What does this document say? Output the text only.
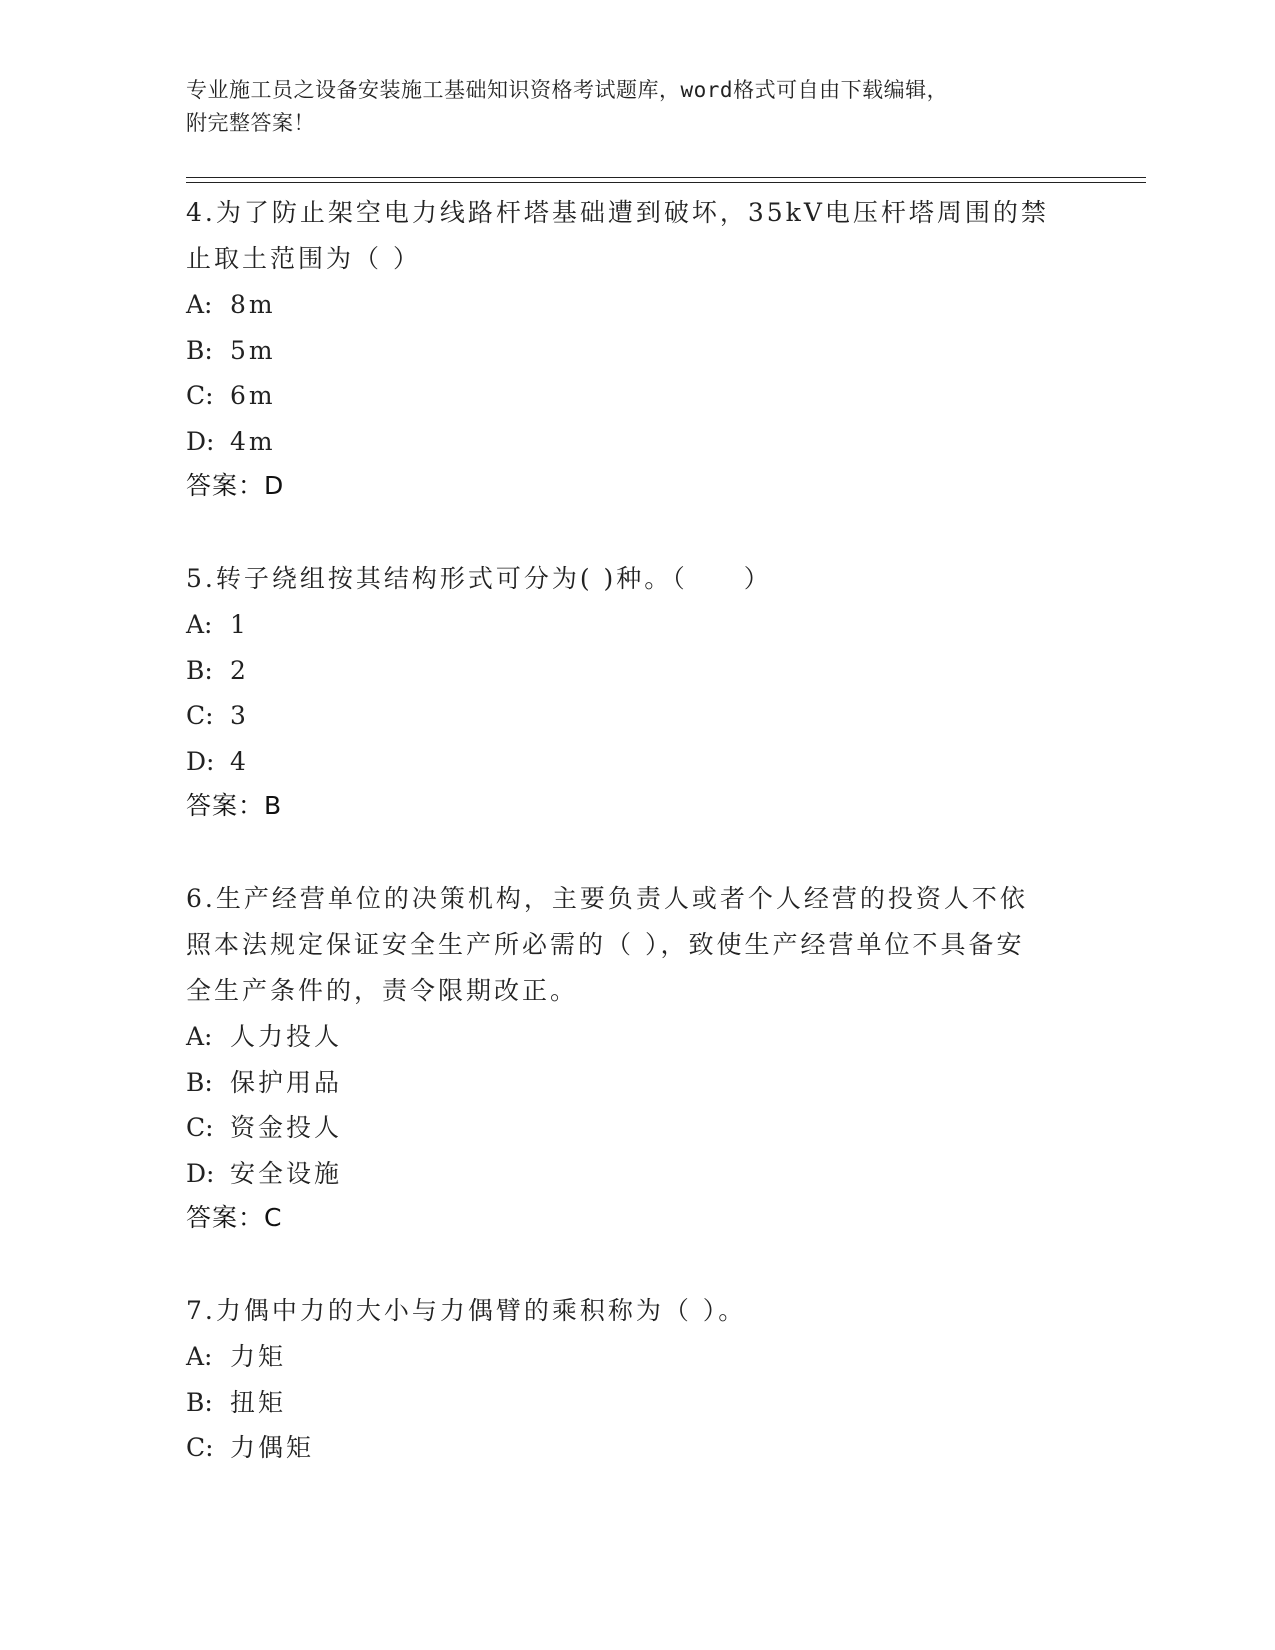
专业施工员之设备安装施工基础知识资格考试题库，word格式可自由下载编辑，
附完整答案！
4.为了防止架空电力线路杆塔基础遭到破坏，35kV电压杆塔周围的禁
止取土范围为（ ）
A: 8m
B: 5m
C: 6m
D: 4m
答案：D
5.转子绕组按其结构形式可分为( )种。（　　）
A: 1
B: 2
C: 3
D: 4
答案：B
6.生产经营单位的决策机构，主要负责人或者个人经营的投资人不依
照本法规定保证安全生产所必需的（ ），致使生产经营单位不具备安
全生产条件的，责令限期改正。
A: 人力投人
B: 保护用品
C: 资金投人
D: 安全设施
答案：C
7.力偶中力的大小与力偶臂的乘积称为（ ）。
A: 力矩
B: 扭矩
C: 力偶矩
